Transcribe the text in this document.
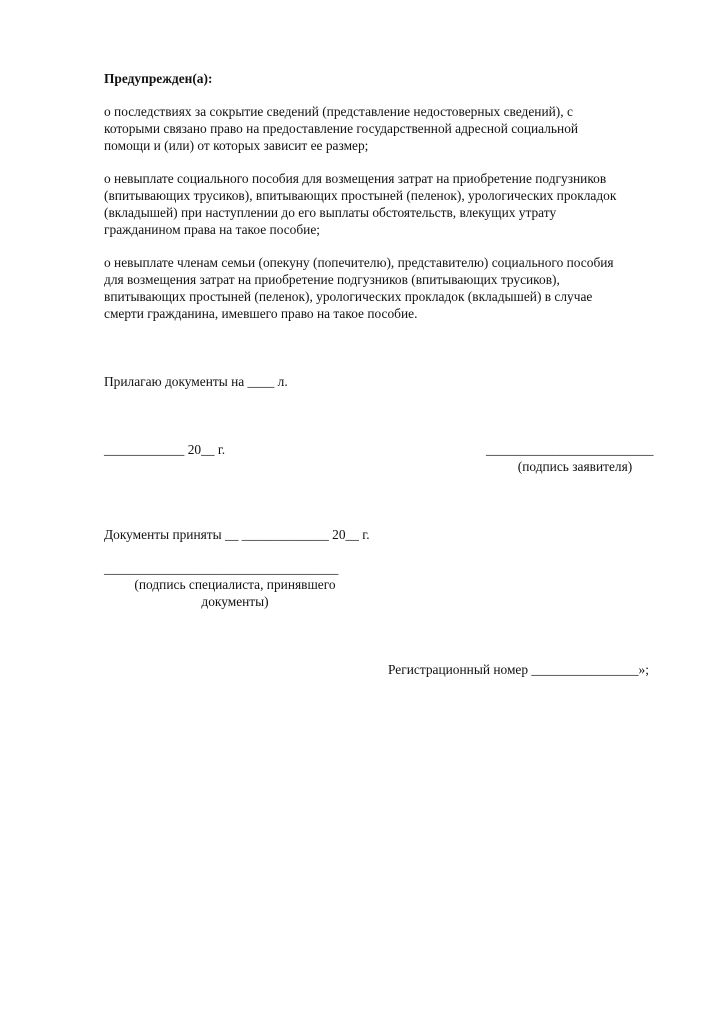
Предупрежден(а):
о последствиях за сокрытие сведений (представление недостоверных сведений), с
которыми связано право на предоставление государственной адресной социальной
помощи и (или) от которых зависит ее размер;
о невыплате социального пособия для возмещения затрат на приобретение подгузников
(впитывающих трусиков), впитывающих простыней (пеленок), урологических прокладок
(вкладышей) при наступлении до его выплаты обстоятельств, влекущих утрату
гражданином права на такое пособие;
о невыплате членам семьи (опекуну (попечителю), представителю) социального пособия
для возмещения затрат на приобретение подгузников (впитывающих трусиков),
впитывающих простыней (пеленок), урологических прокладок (вкладышей) в случае
смерти гражданина, имевшего право на такое пособие.
Прилагаю документы на ____ л.
____________ 20__ г.	_________________________
(подпись заявителя)
Документы приняты __ _____________ 20__ г.
___________________________________
(подпись специалиста, принявшего
документы)
Регистрационный номер ________________»;
